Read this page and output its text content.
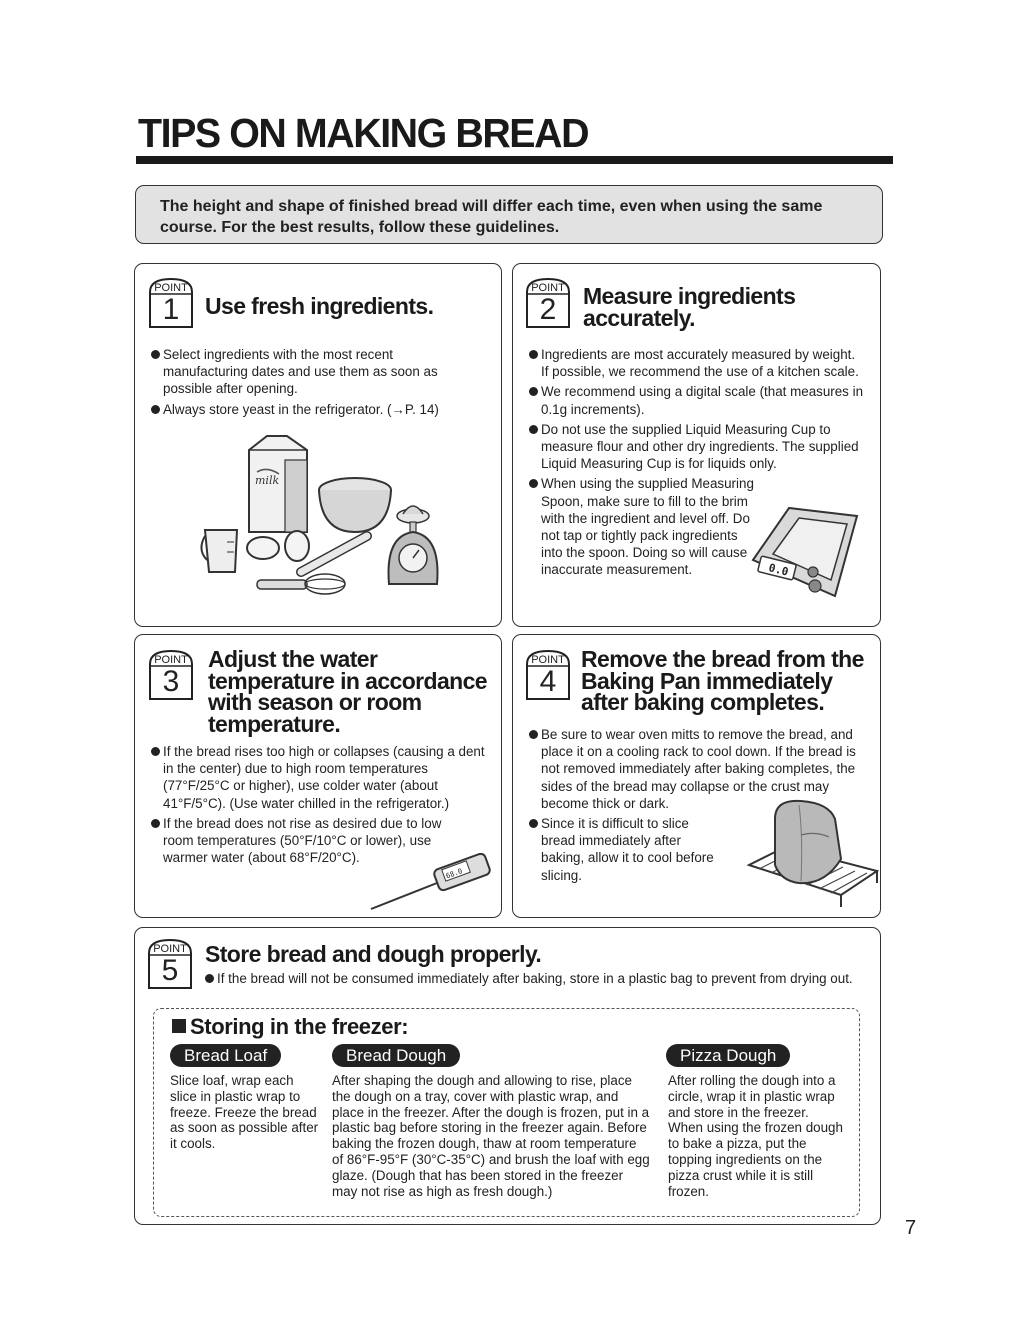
TIPS ON MAKING BREAD
The height and shape of finished bread will differ each time, even when using the same course. For the best results, follow these guidelines.
POINT
1	Use fresh ingredients.
Select ingredients with the most recent manufacturing dates and use them as soon as possible after opening.
Always store yeast in the refrigerator. (→P. 14)
milk
POINT
2	Measure ingredients accurately.
Ingredients are most accurately measured by weight. If possible, we recommend the use of a kitchen scale.
We recommend using a digital scale (that measures in 0.1g increments).
Do not use the supplied Liquid Measuring Cup to measure flour and other dry ingredients. The supplied Liquid Measuring Cup is for liquids only.
When using the supplied Measuring Spoon, make sure to fill to the brim with the ingredient and level off. Do not tap or tightly pack ingredients into the spoon. Doing so will cause inaccurate measurement.	0.0
POINT
3
Adjust the water temperature in accordance with season or room temperature.
If the bread rises too high or collapses (causing a dent in the center) due to high room temperatures (77°F/25°C or higher), use colder water (about 41°F/5°C). (Use water chilled in the refrigerator.)
If the bread does not rise as desired due to low room temperatures (50°F/10°C or lower), use warmer water (about 68°F/20°C).
68.0
POINT
4
Remove the bread from the Baking Pan immediately after baking completes.
Be sure to wear oven mitts to remove the bread, and place it on a cooling rack to cool down. If the bread is not removed immediately after baking completes, the sides of the bread may collapse or the crust may become thick or dark.
Since it is difficult to slice bread immediately after baking, allow it to cool before slicing.
POINT
5	Store bread and dough properly.
If the bread will not be consumed immediately after baking, store in a plastic bag to prevent from drying out.
Storing in the freezer:
Bread Loaf	Bread Dough	Pizza Dough
Slice loaf, wrap each slice in plastic wrap to freeze. Freeze the bread as soon as possible after it cools.
After shaping the dough and allowing to rise, place the dough on a tray, cover with plastic wrap, and place in the freezer. After the dough is frozen, put in a plastic bag before storing in the freezer again. Before baking the frozen dough, thaw at room temperature of 86°F-95°F (30°C-35°C) and brush the loaf with egg glaze. (Dough that has been stored in the freezer may not rise as high as fresh dough.)
After rolling the dough into a circle, wrap it in plastic wrap and store in the freezer. When using the frozen dough to bake a pizza, put the topping ingredients on the pizza crust while it is still frozen.
7
